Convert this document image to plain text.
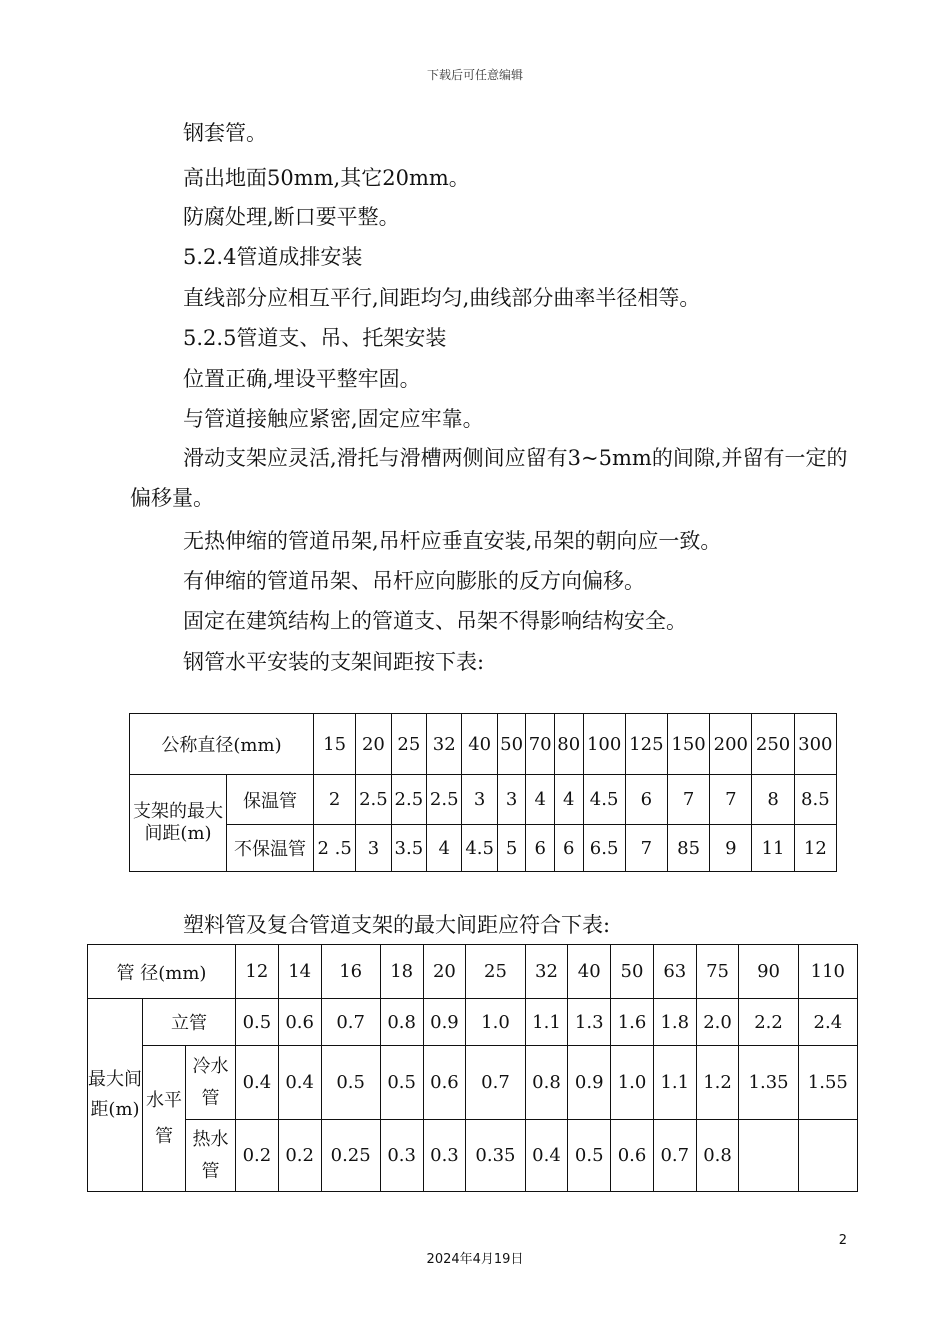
下载后可任意编辑
钢套管。
高出地面50mm,其它20mm。
防腐处理,断口要平整。
5.2.4管道成排安装
直线部分应相互平行,间距均匀,曲线部分曲率半径相等。
5.2.5管道支、吊、托架安装
位置正确,埋设平整牢固。
与管道接触应紧密,固定应牢靠。
滑动支架应灵活,滑托与滑槽两侧间应留有3~5mm的间隙,并留有一定的偏移量。
无热伸缩的管道吊架,吊杆应垂直安装,吊架的朝向应一致。
有伸缩的管道吊架、吊杆应向膨胀的反方向偏移。
固定在建筑结构上的管道支、吊架不得影响结构安全。
钢管水平安装的支架间距按下表:
公称直径(mm)		15	20	25	32	40	50	70	80	100	125	150	200	250	300
支架的最大间距(m)	保温管	2	2.5	2.5	2.5	3	3	4	4	4.5	6	7	7	8	8.5
	不保温管	2 .5	3	3.5	4	4.5	5	6	6	6.5	7	85	9	11	12
塑料管及复合管道支架的最大间距应符合下表:
管 径(mm)			12	14	16	18	20	25	32	40	50	63	75	90	110
最大间距(m)	立管		0.5	0.6	0.7	0.8	0.9	1.0	1.1	1.3	1.6	1.8	2.0	2.2	2.4
	水平管	冷水管	0.4	0.4	0.5	0.5	0.6	0.7	0.8	0.9	1.0	1.1	1.2	1.35	1.55
		热水管	0.2	0.2	0.25	0.3	0.3	0.35	0.4	0.5	0.6	0.7	0.8		
2
2024年4月19日
